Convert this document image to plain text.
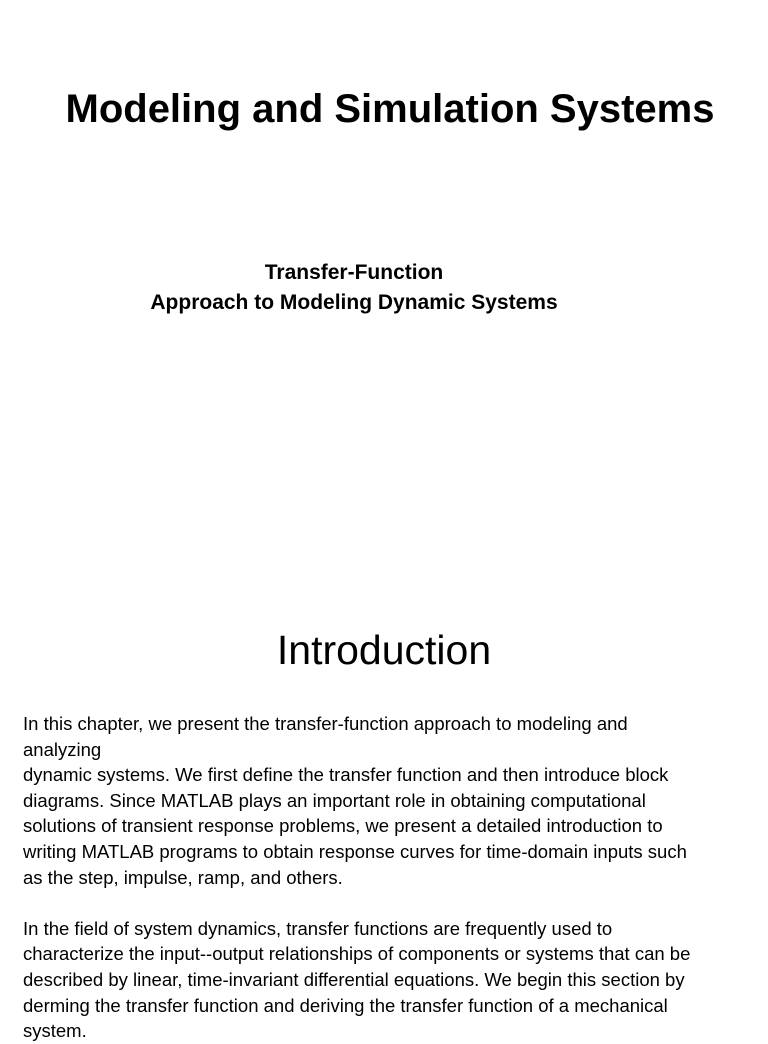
Modeling and Simulation Systems
Transfer-Function
Approach to Modeling Dynamic Systems
Introduction

In this chapter, we present the transfer-function approach to modeling and
analyzing
dynamic systems. We first define the transfer function and then introduce block
diagrams. Since MATLAB plays an important role in obtaining computational
solutions of transient response problems, we present a detailed introduction to
writing MATLAB programs to obtain response curves for time-domain inputs such
as the step, impulse, ramp, and others.

In the field of system dynamics, transfer functions are frequently used to
characterize the input--output relationships of components or systems that can be
described by linear, time-invariant differential equations. We begin this section by
derming the transfer function and deriving the transfer function of a mechanical
system.
